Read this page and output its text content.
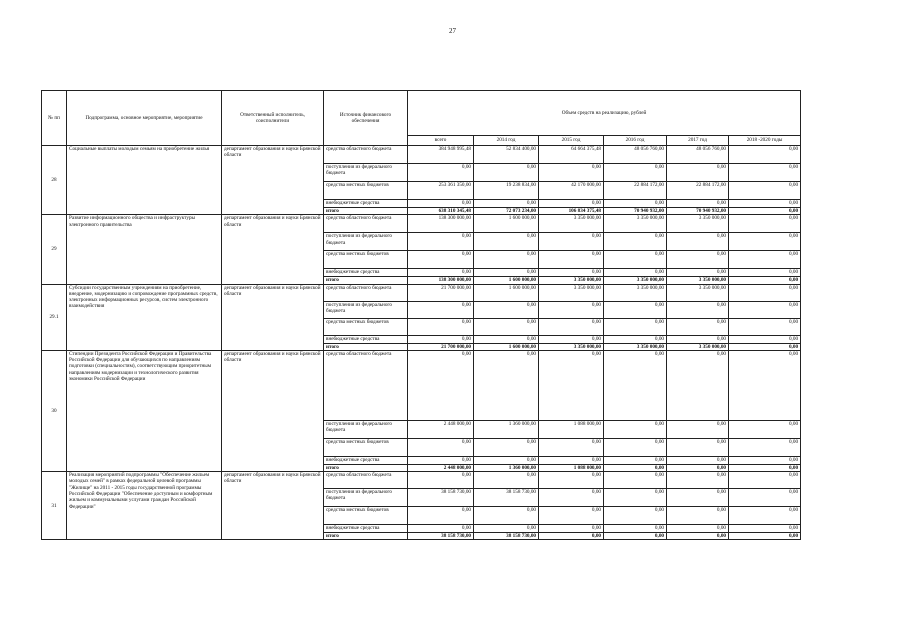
27
№ пп	Подпрограмма, основное мероприятие, мероприятие	Ответственный исполнитель, соисполнители	Источник финансового обеспечения	Объем средств на реализацию, рублей					
				всего	2014 год	2015 год	2016 год	2017 год	2018 -2020 годы
28	Социальные выплаты молодым семьям на приобретение жилья	департамент образования и науки Брянской области	средства областного бюджета	384 948 995,48	52 834 400,00	64 664 375,48	48 056 760,00	48 056 760,00	0,00
			поступления из федерального бюджета	0,00	0,00	0,00	0,00	0,00	0,00
			средства местных бюджетов	253 361 350,00	19 238 834,00	42 170 000,00	22 884 172,00	22 884 172,00	0,00
			внебюджетные средства	0,00	0,00	0,00	0,00	0,00	0,00
			итого	638 310 345,48	72 073 234,00	106 834 375,48	70 940 932,00	70 940 932,00	0,00
29	Развитие информационного общества и инфраструктуры электронного правительства	департамент образования и науки Брянской области	средства областного бюджета	138 300 000,00	1 600 000,00	3 350 000,00	3 350 000,00	3 350 000,00	0,00
			поступления из федерального бюджета	0,00	0,00	0,00	0,00	0,00	0,00
			средства местных бюджетов	0,00	0,00	0,00	0,00	0,00	0,00
			внебюджетные средства	0,00	0,00	0,00	0,00	0,00	0,00
			итого	138 300 000,00	1 600 000,00	3 350 000,00	3 350 000,00	3 350 000,00	0,00
29.1	Субсидии государственным учреждениям на приобретение, внедрение, модернизацию и сопровождение программных средств, электронных информационных ресурсов, систем электронного взаимодействия	департамент образования и науки Брянской области	средства областного бюджета	21 700 000,00	1 600 000,00	3 350 000,00	3 350 000,00	3 350 000,00	0,00
			поступления из федерального бюджета	0,00	0,00	0,00	0,00	0,00	0,00
			средства местных бюджетов	0,00	0,00	0,00	0,00	0,00	0,00
			внебюджетные средства	0,00	0,00	0,00	0,00	0,00	0,00
			итого	21 700 000,00	1 600 000,00	3 350 000,00	3 350 000,00	3 350 000,00	0,00
30	Стипендии Президента Российской Федерации и Правительства Российской Федерации для обучающихся по направлениям подготовки (специальностям), соответствующим приоритетным направлениям модернизации и технологического развития экономики Российской Федерации	департамент образования и науки Брянской области	средства областного бюджета	0,00	0,00	0,00	0,00	0,00	0,00
			поступления из федерального бюджета	2 448 000,00	1 360 000,00	1 088 000,00	0,00	0,00	0,00
			средства местных бюджетов	0,00	0,00	0,00	0,00	0,00	0,00
			внебюджетные средства	0,00	0,00	0,00	0,00	0,00	0,00
			итого	2 448 000,00	1 360 000,00	1 088 000,00	0,00	0,00	0,00
31	Реализация мероприятий подпрограммы "Обеспечение жильем молодых семей" в рамках федеральной целевой программы "Жилище" на 2011 - 2015 годы государственной программы Российской Федерации "Обеспечение доступным и комфортным жильем и коммунальными услугами граждан Российской Федерации"	департамент образования и науки Брянской области	средства областного бюджета	0,00	0,00	0,00	0,00	0,00	0,00
			поступления из федерального бюджета	38 158 730,00	38 158 730,00	0,00	0,00	0,00	0,00
			средства местных бюджетов	0,00	0,00	0,00	0,00	0,00	0,00
			внебюджетные средства	0,00	0,00	0,00	0,00	0,00	0,00
			итого	38 158 730,00	38 158 730,00	0,00	0,00	0,00	0,00
